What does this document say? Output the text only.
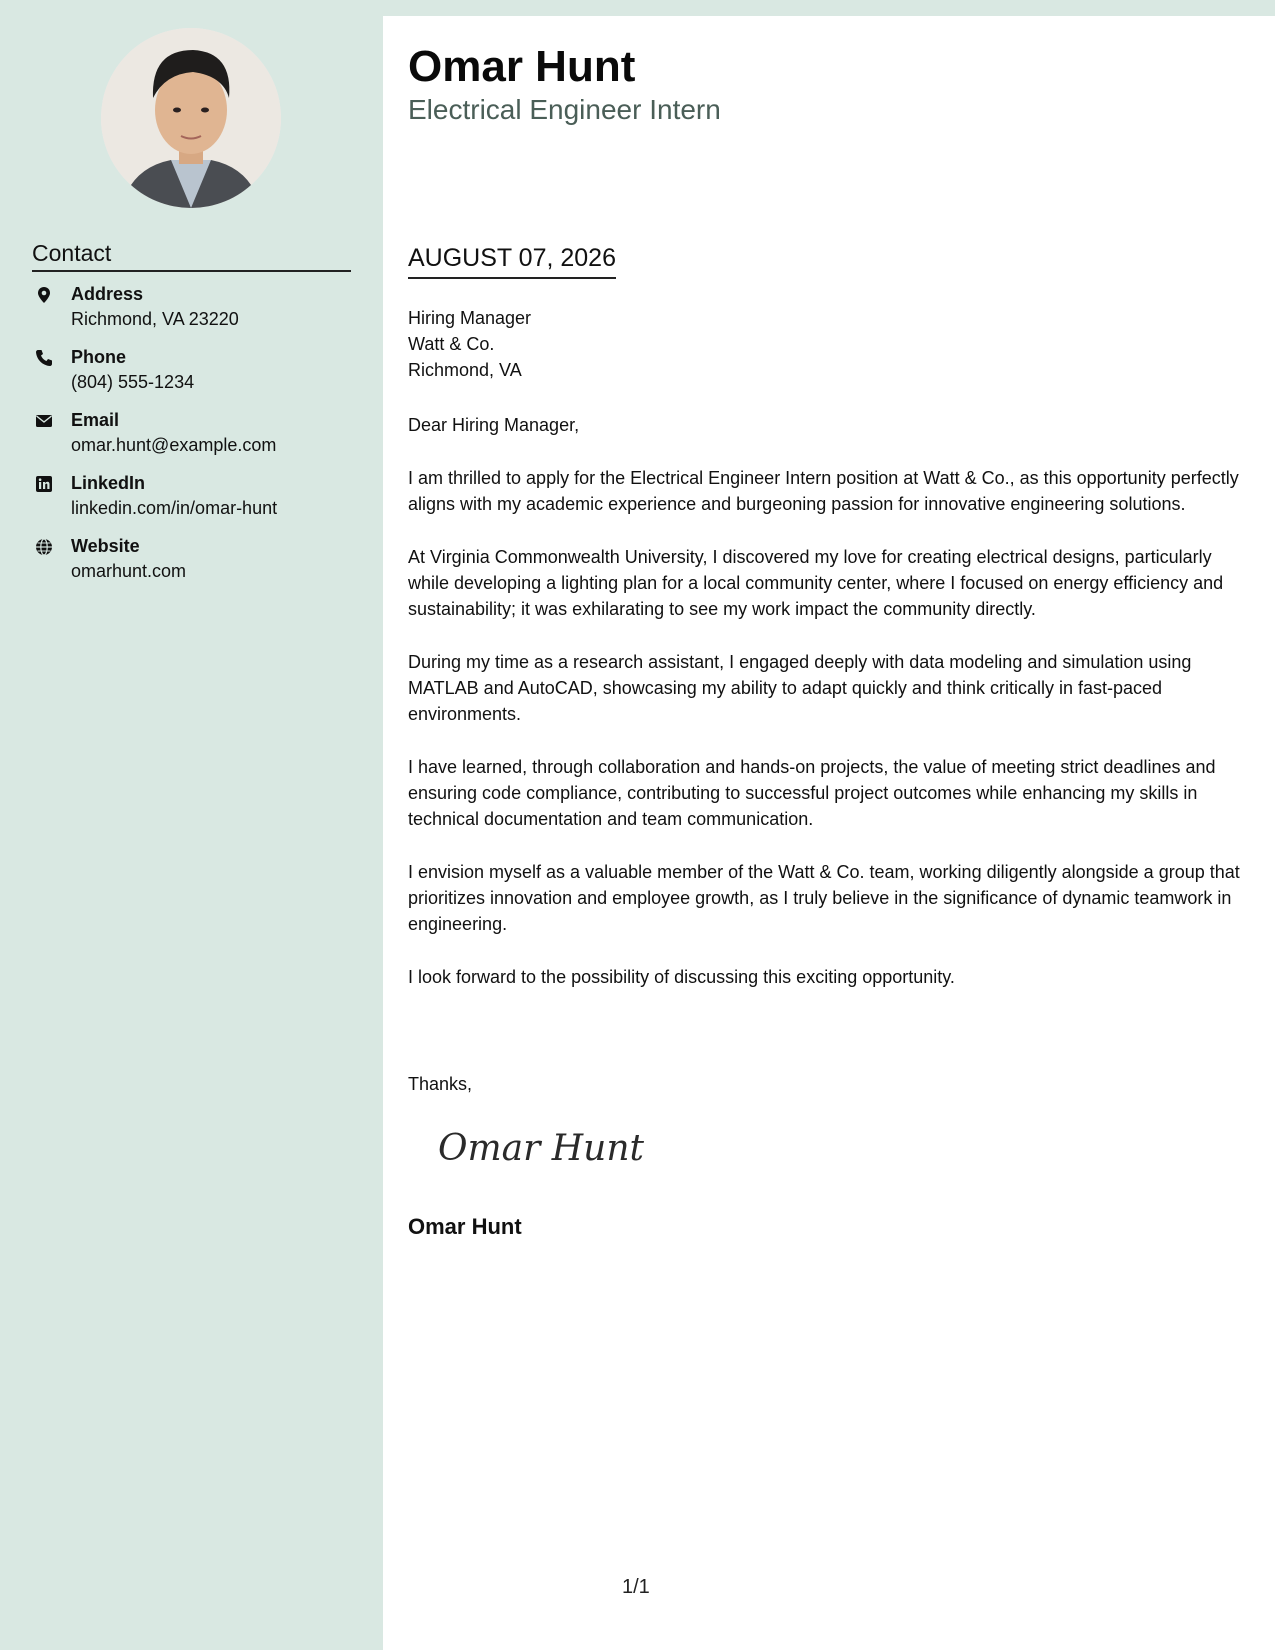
Contact
Address
Richmond, VA 23220
Phone
(804) 555-1234
Email
omar.hunt@example.com
LinkedIn
linkedin.com/in/omar-hunt
Website
omarhunt.com
Omar Hunt
Electrical Engineer Intern
AUGUST 07, 2026
Hiring Manager
Watt & Co.
Richmond, VA

Dear Hiring Manager,

I am thrilled to apply for the Electrical Engineer Intern position at Watt & Co., as this opportunity perfectly aligns with my academic experience and burgeoning passion for innovative engineering solutions.

At Virginia Commonwealth University, I discovered my love for creating electrical designs, particularly while developing a lighting plan for a local community center, where I focused on energy efficiency and sustainability; it was exhilarating to see my work impact the community directly.

During my time as a research assistant, I engaged deeply with data modeling and simulation using MATLAB and AutoCAD, showcasing my ability to adapt quickly and think critically in fast-paced environments.

I have learned, through collaboration and hands-on projects, the value of meeting strict deadlines and ensuring code compliance, contributing to successful project outcomes while enhancing my skills in technical documentation and team communication.

I envision myself as a valuable member of the Watt & Co. team, working diligently alongside a group that prioritizes innovation and employee growth, as I truly believe in the significance of dynamic teamwork in engineering.

I look forward to the possibility of discussing this exciting opportunity.

Thanks,
Omar Hunt
Omar Hunt
1/1
